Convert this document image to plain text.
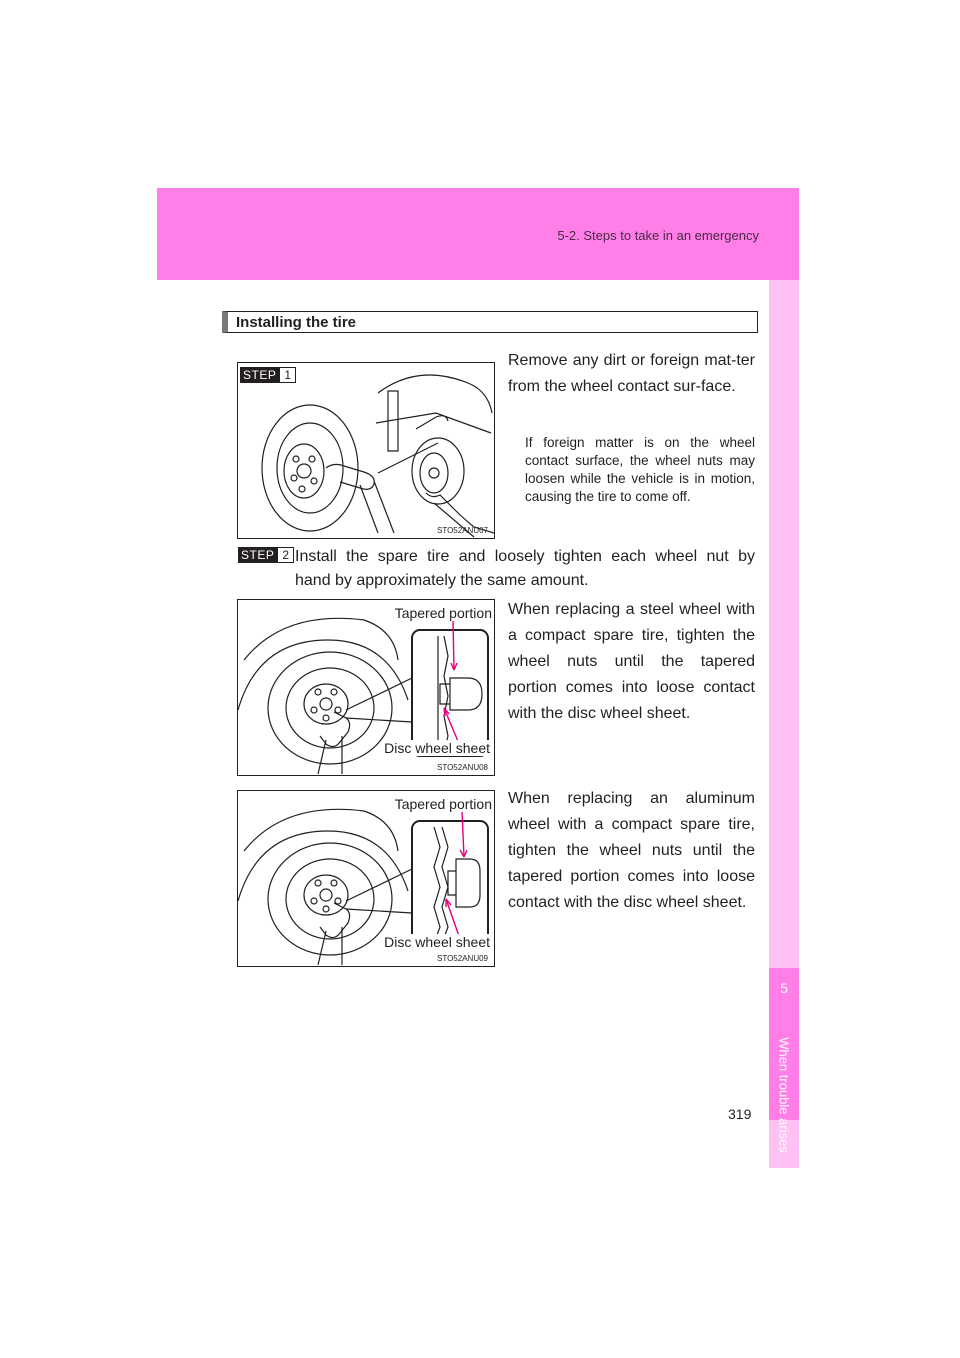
5-2. Steps to take in an emergency
5
When trouble arises
Installing the tire
STEP 1
STO52ANU07
Remove any dirt or foreign mat-ter from the wheel contact sur-face.
If foreign matter is on the wheel contact surface, the wheel nuts may loosen while the vehicle is in motion, causing the tire to come off.
STEP 2 Install the spare tire and loosely tighten each wheel nut by
hand by approximately the same amount.
STO52ANU08
Tapered portion
Disc wheel sheet
When replacing a steel wheel with a compact spare tire, tighten the wheel nuts until the tapered portion comes into loose contact with the disc wheel sheet.
STO52ANU09
Tapered portion
Disc wheel sheet
When replacing an aluminum wheel with a compact spare tire, tighten the wheel nuts until the tapered portion comes into loose contact with the disc wheel sheet.
319
